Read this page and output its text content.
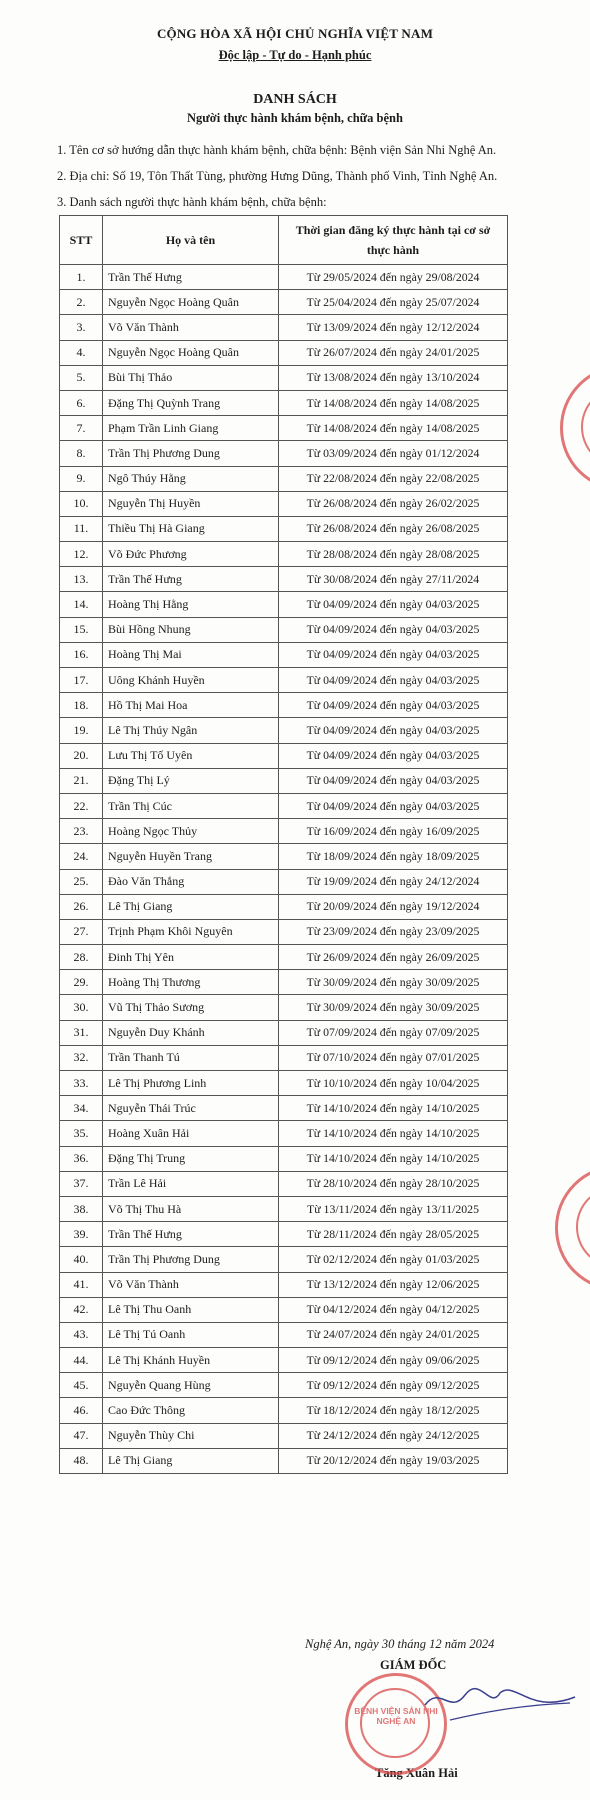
CỘNG HÒA XÃ HỘI CHỦ NGHĨA VIỆT NAM
Độc lập - Tự do - Hạnh phúc
DANH SÁCH
Người thực hành khám bệnh, chữa bệnh
1. Tên cơ sở hướng dẫn thực hành khám bệnh, chữa bệnh: Bệnh viện Sản Nhi Nghệ An.
2. Địa chỉ: Số 19, Tôn Thất Tùng, phường Hưng Dũng, Thành phố Vinh, Tỉnh Nghệ An.
3. Danh sách người thực hành khám bệnh, chữa bệnh:
STT	Họ và tên	Thời gian đăng ký thực hành tại cơ sở thực hành
1.	Trần Thế Hưng	Từ 29/05/2024 đến ngày 29/08/2024
2.	Nguyễn Ngọc Hoàng Quân	Từ 25/04/2024 đến ngày 25/07/2024
3.	Võ Văn Thành	Từ 13/09/2024 đến ngày 12/12/2024
4.	Nguyễn Ngọc Hoàng Quân	Từ 26/07/2024 đến ngày 24/01/2025
5.	Bùi Thị Thảo	Từ 13/08/2024 đến ngày 13/10/2024
6.	Đặng Thị Quỳnh Trang	Từ 14/08/2024 đến ngày 14/08/2025
7.	Phạm Trần Linh Giang	Từ 14/08/2024 đến ngày 14/08/2025
8.	Trần Thị Phương Dung	Từ 03/09/2024 đến ngày 01/12/2024
9.	Ngô Thúy Hằng	Từ 22/08/2024 đến ngày 22/08/2025
10.	Nguyễn Thị Huyền	Từ 26/08/2024 đến ngày 26/02/2025
11.	Thiều Thị Hà Giang	Từ 26/08/2024 đến ngày 26/08/2025
12.	Võ Đức Phương	Từ 28/08/2024 đến ngày 28/08/2025
13.	Trần Thế Hưng	Từ 30/08/2024 đến ngày 27/11/2024
14.	Hoàng Thị Hằng	Từ 04/09/2024 đến ngày 04/03/2025
15.	Bùi Hồng Nhung	Từ 04/09/2024 đến ngày 04/03/2025
16.	Hoàng Thị Mai	Từ 04/09/2024 đến ngày 04/03/2025
17.	Uông Khánh Huyền	Từ 04/09/2024 đến ngày 04/03/2025
18.	Hồ Thị Mai Hoa	Từ 04/09/2024 đến ngày 04/03/2025
19.	Lê Thị Thúy Ngân	Từ 04/09/2024 đến ngày 04/03/2025
20.	Lưu Thị Tố Uyên	Từ 04/09/2024 đến ngày 04/03/2025
21.	Đặng Thị Lý	Từ 04/09/2024 đến ngày 04/03/2025
22.	Trần Thị Cúc	Từ 04/09/2024 đến ngày 04/03/2025
23.	Hoàng Ngọc Thủy	Từ 16/09/2024 đến ngày 16/09/2025
24.	Nguyễn Huyền Trang	Từ 18/09/2024 đến ngày 18/09/2025
25.	Đào Văn Thắng	Từ 19/09/2024 đến ngày 24/12/2024
26.	Lê Thị Giang	Từ 20/09/2024 đến ngày 19/12/2024
27.	Trịnh Phạm Khôi Nguyên	Từ 23/09/2024 đến ngày 23/09/2025
28.	Đinh Thị Yên	Từ 26/09/2024 đến ngày 26/09/2025
29.	Hoàng Thị Thương	Từ 30/09/2024 đến ngày 30/09/2025
30.	Vũ Thị Thảo Sương	Từ 30/09/2024 đến ngày 30/09/2025
31.	Nguyễn Duy Khánh	Từ 07/09/2024 đến ngày 07/09/2025
32.	Trần Thanh Tú	Từ 07/10/2024 đến ngày 07/01/2025
33.	Lê Thị Phương Linh	Từ 10/10/2024 đến ngày 10/04/2025
34.	Nguyễn Thái Trúc	Từ 14/10/2024 đến ngày 14/10/2025
35.	Hoàng Xuân Hải	Từ 14/10/2024 đến ngày 14/10/2025
36.	Đặng Thị Trung	Từ 14/10/2024 đến ngày 14/10/2025
37.	Trần Lê Hải	Từ 28/10/2024 đến ngày 28/10/2025
38.	Võ Thị Thu Hà	Từ 13/11/2024 đến ngày 13/11/2025
39.	Trần Thế Hưng	Từ 28/11/2024 đến ngày 28/05/2025
40.	Trần Thị Phương Dung	Từ 02/12/2024 đến ngày 01/03/2025
41.	Võ Văn Thành	Từ 13/12/2024 đến ngày 12/06/2025
42.	Lê Thị Thu Oanh	Từ 04/12/2024 đến ngày 04/12/2025
43.	Lê Thị Tú Oanh	Từ 24/07/2024 đến ngày 24/01/2025
44.	Lê Thị Khánh Huyền	Từ 09/12/2024 đến ngày 09/06/2025
45.	Nguyễn Quang Hùng	Từ 09/12/2024 đến ngày 09/12/2025
46.	Cao Đức Thông	Từ 18/12/2024 đến ngày 18/12/2025
47.	Nguyễn Thùy Chi	Từ 24/12/2024 đến ngày 24/12/2025
48.	Lê Thị Giang	Từ 20/12/2024 đến ngày 19/03/2025
Nghệ An, ngày 30 tháng 12 năm 2024
GIÁM ĐỐC
Tăng Xuân Hải
BỆNH VIỆN SẢN NHI NGHỆ AN
